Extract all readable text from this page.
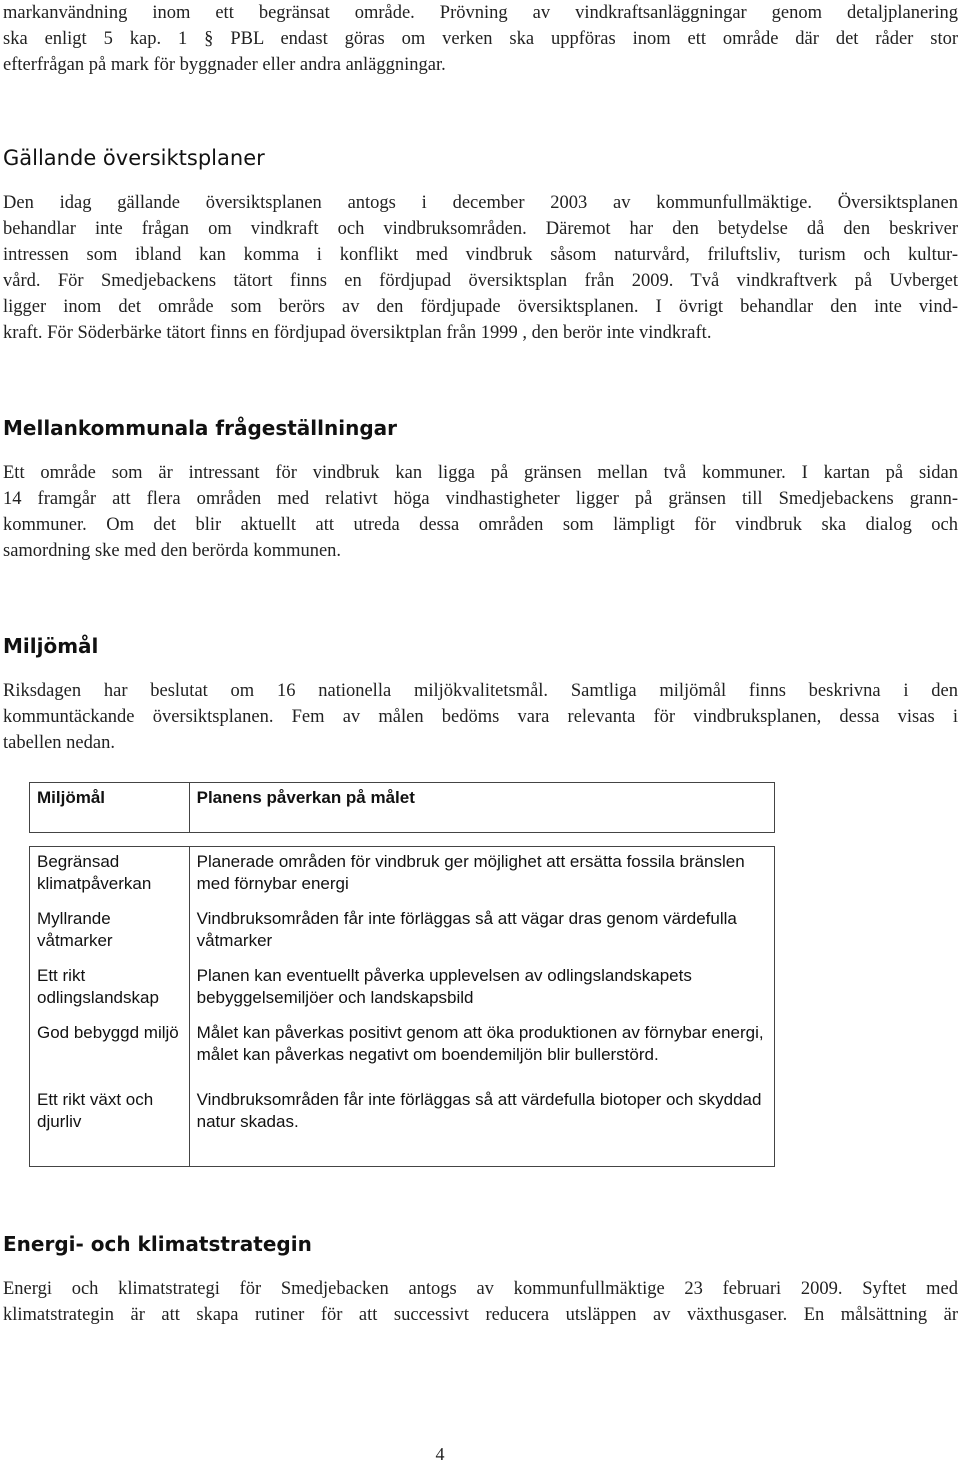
markanvändning inom ett begränsat område. Prövning av vindkraftsanläggningar genom detaljplanering
ska enligt 5 kap. 1 § PBL endast göras om verken ska uppföras inom ett område där det råder stor
efterfrågan på mark för byggnader eller andra anläggningar.

Gällande översiktsplaner

Den idag gällande översiktsplanen antogs i december 2003 av kommunfullmäktige. Översiktsplanen
behandlar inte frågan om vindkraft och vindbruksområden. Däremot har den betydelse då den beskriver
intressen som ibland kan komma i konflikt med vindbruk såsom naturvård, friluftsliv, turism och kultur-
vård. För Smedjebackens tätort finns en fördjupad översiktsplan från 2009. Två vindkraftverk på Uvberget
ligger inom det område som berörs av den fördjupade översiktsplanen. I övrigt behandlar den inte vind-
kraft. För Söderbärke tätort finns en fördjupad översiktplan från 1999 , den berör inte vindkraft.

Mellankommunala frågeställningar

Ett område som är intressant för vindbruk kan ligga på gränsen mellan två kommuner. I kartan på sidan
14 framgår att flera områden med relativt höga vindhastigheter ligger på gränsen till Smedjebackens grann-
kommuner. Om det blir aktuellt att utreda dessa områden som lämpligt för vindbruk ska dialog och
samordning ske med den berörda kommunen.

Miljömål

Riksdagen har beslutat om 16 nationella miljökvalitetsmål. Samtliga miljömål finns beskrivna i den
kommuntäckande översiktsplanen. Fem av målen bedöms vara relevanta för vindbruksplanen, dessa visas i
tabellen nedan.

Miljömål	Planens påverkan på målet

Begränsad klimatpåverkan	Planerade områden för vindbruk ger möjlighet att ersätta fossila bränslen med förnybar energi
Myllrande våtmarker	Vindbruksområden får inte förläggas så att vägar dras genom värdefulla våtmarker
Ett rikt odlingslandskap	Planen kan eventuellt påverka upplevelsen av odlingslandskapets bebyggelsemiljöer och landskapsbild
God bebyggd miljö	Målet kan påverkas positivt genom att öka produktionen av förnybar energi, målet kan påverkas negativt om boendemiljön blir bullerstörd.
Ett rikt växt och djurliv	Vindbruksområden får inte förläggas så att värdefulla biotoper och skyddad natur skadas.
Energi- och klimatstrategin

Energi och klimatstrategi för Smedjebacken antogs av kommunfullmäktige 23 februari 2009. Syftet med
klimatstrategin är att skapa rutiner för att successivt reducera utsläppen av växthusgaser. En målsättning är

4
